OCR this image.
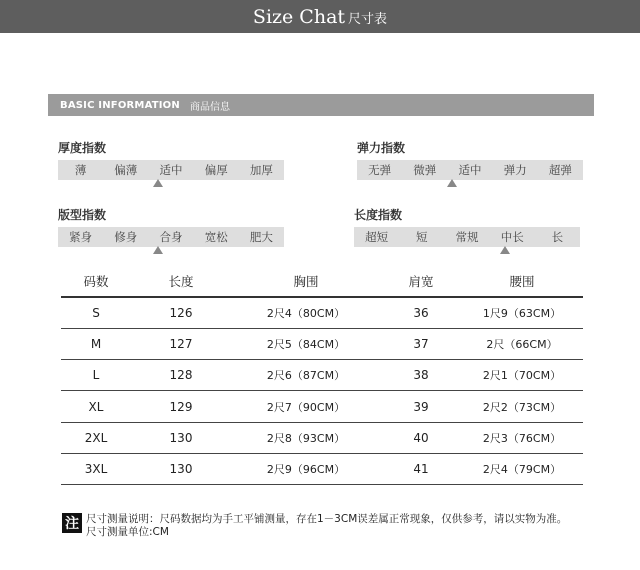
Size Chat 尺寸表
BASIC INFORMATION 商品信息
厚度指数
薄	偏薄	适中	偏厚	加厚
弹力指数
无弹	微弹	适中	弹力	超弹
版型指数
紧身	修身	合身	宽松	肥大
长度指数
超短	短	常规	中长	长
码数	长度	胸围	肩宽	腰围
S	126	2尺4（80CM）	36	1尺9（63CM）
M	127	2尺5（84CM）	37	2尺（66CM）
L	128	2尺6（87CM）	38	2尺1（70CM）
XL	129	2尺7（90CM）	39	2尺2（73CM）
2XL	130	2尺8（93CM）	40	2尺3（76CM）
3XL	130	2尺9（96CM）	41	2尺4（79CM）
注 尺寸测量说明：尺码数据均为手工平铺测量，存在1－3CM误差属正常现象，仅供参考，请以实物为准。
尺寸测量单位:CM
